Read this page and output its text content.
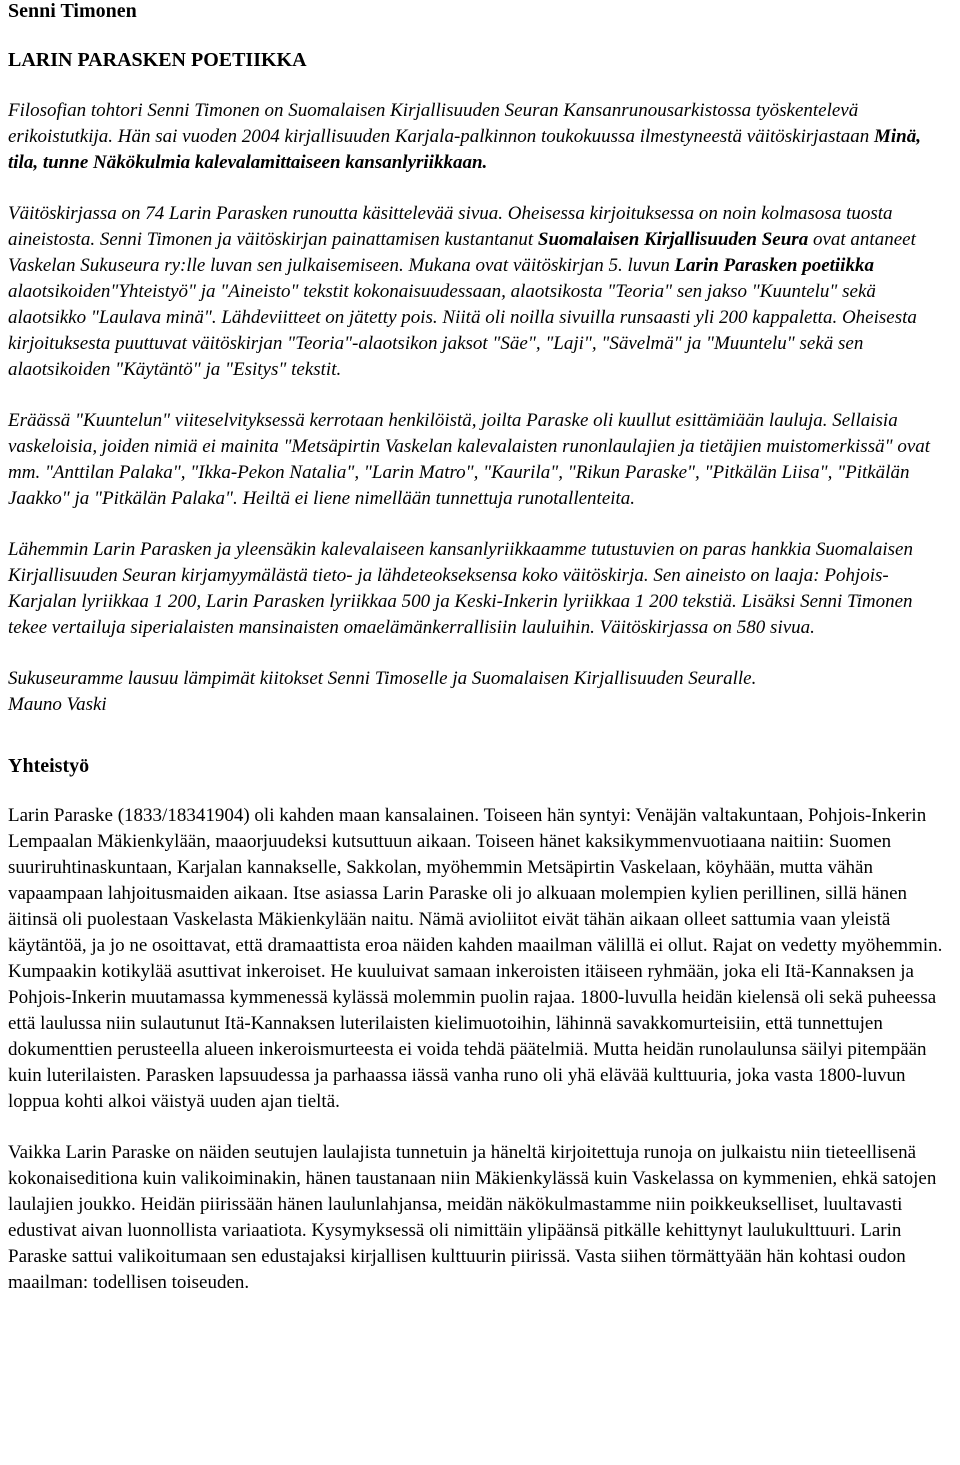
Senni Timonen

LARIN PARASKEN POETIIKKA

Filosofian tohtori Senni Timonen on Suomalaisen Kirjallisuuden Seuran Kansanrunousarkistossa työskentelevä erikoistutkija. Hän sai vuoden 2004 kirjallisuuden Karjala-palkinnon toukokuussa ilmestyneestä väitöskirjastaan Minä, tila, tunne Näkökulmia kalevalamittaiseen kansanlyriikkaan.

Väitöskirjassa on 74 Larin Parasken runoutta käsittelevää sivua. Oheisessa kirjoituksessa on noin kolmasosa tuosta aineistosta. Senni Timonen ja väitöskirjan painattamisen kustantanut Suomalaisen Kirjallisuuden Seura ovat antaneet Vaskelan Sukuseura ry:lle luvan sen julkaisemiseen. Mukana ovat väitöskirjan 5. luvun Larin Parasken poetiikka alaotsikoiden"Yhteistyö" ja "Aineisto" tekstit kokonaisuudessaan, alaotsikosta "Teoria" sen jakso "Kuuntelu" sekä alaotsikko "Laulava minä". Lähdeviitteet on jätetty pois. Niitä oli noilla sivuilla runsaasti yli 200 kappaletta. Oheisesta kirjoituksesta puuttuvat väitöskirjan "Teoria"-alaotsikon jaksot "Säe", "Laji", "Sävelmä" ja "Muuntelu" sekä sen alaotsikoiden "Käytäntö" ja "Esitys" tekstit.

Eräässä "Kuuntelun" viiteselvityksessä kerrotaan henkilöistä, joilta Paraske oli kuullut esittämiään lauluja. Sellaisia vaskeloisia, joiden nimiä ei mainita "Metsäpirtin Vaskelan kalevalaisten runonlaulajien ja tietäjien muistomerkissä" ovat mm. "Anttilan Palaka", "Ikka-Pekon Natalia", "Larin Matro", "Kaurila", "Rikun Paraske", "Pitkälän Liisa", "Pitkälän Jaakko" ja "Pitkälän Palaka". Heiltä ei liene nimellään tunnettuja runotallenteita.

Lähemmin Larin Parasken ja yleensäkin kalevalaiseen kansanlyriikkaamme tutustuvien on paras hankkia Suomalaisen Kirjallisuuden Seuran kirjamyymälästä tieto- ja lähdeteokseksensa koko väitöskirja. Sen aineisto on laaja: Pohjois-Karjalan lyriikkaa 1 200, Larin Parasken lyriikkaa 500 ja Keski-Inkerin lyriikkaa 1 200 tekstiä. Lisäksi Senni Timonen tekee vertailuja siperialaisten mansinaisten omaelämänkerrallisiin lauluihin. Väitöskirjassa on 580 sivua.

Sukuseuramme lausuu lämpimät kiitokset Senni Timoselle ja Suomalaisen Kirjallisuuden Seuralle.

Mauno Vaski

Yhteistyö

Larin Paraske (1833/18341904) oli kahden maan kansalainen. Toiseen hän syntyi: Venäjän valtakuntaan, Pohjois-Inkerin Lempaalan Mäkienkylään, maaorjuudeksi kutsuttuun aikaan. Toiseen hänet kaksikymmenvuotiaana naitiin: Suomen suuriruhtinaskuntaan, Karjalan kannakselle, Sakkolan, myöhemmin Metsäpirtin Vaskelaan, köyhään, mutta vähän vapaampaan lahjoitusmaiden aikaan. Itse asiassa Larin Paraske oli jo alkuaan molempien kylien perillinen, sillä hänen äitinsä oli puolestaan Vaskelasta Mäkienkylään naitu. Nämä avioliitot eivät tähän aikaan olleet sattumia vaan yleistä käytäntöä, ja jo ne osoittavat, että dramaattista eroa näiden kahden maailman välillä ei ollut. Rajat on vedetty myöhemmin. Kumpaakin kotikylää asuttivat inkeroiset. He kuuluivat samaan inkeroisten itäiseen ryhmään, joka eli Itä-Kannaksen ja Pohjois-Inkerin muutamassa kymmenessä kylässä molemmin puolin rajaa. 1800-luvulla heidän kielensä oli sekä puheessa että laulussa niin sulautunut Itä-Kannaksen luterilaisten kielimuotoihin, lähinnä savakkomurteisiin, että tunnettujen dokumenttien perusteella alueen inkeroismurteesta ei voida tehdä päätelmiä. Mutta heidän runolaulunsa säilyi pitempään kuin luterilaisten. Parasken lapsuudessa ja parhaassa iässä vanha runo oli yhä elävää kulttuuria, joka vasta 1800-luvun loppua kohti alkoi väistyä uuden ajan tieltä.

Vaikka Larin Paraske on näiden seutujen laulajista tunnetuin ja häneltä kirjoitettuja runoja on julkaistu niin tieteellisenä kokonaiseditiona kuin valikoiminakin, hänen taustanaan niin Mäkienkylässä kuin Vaskelassa on kymmenien, ehkä satojen laulajien joukko. Heidän piirissään hänen laulunlahjansa, meidän näkökulmastamme niin poikkeukselliset, luultavasti edustivat aivan luonnollista variaatiota. Kysymyksessä oli nimittäin ylipäänsä pitkälle kehittynyt laulukulttuuri. Larin Paraske sattui valikoitumaan sen edustajaksi kirjallisen kulttuurin piirissä. Vasta siihen törmättyään hän kohtasi oudon maailman: todellisen toiseuden.
